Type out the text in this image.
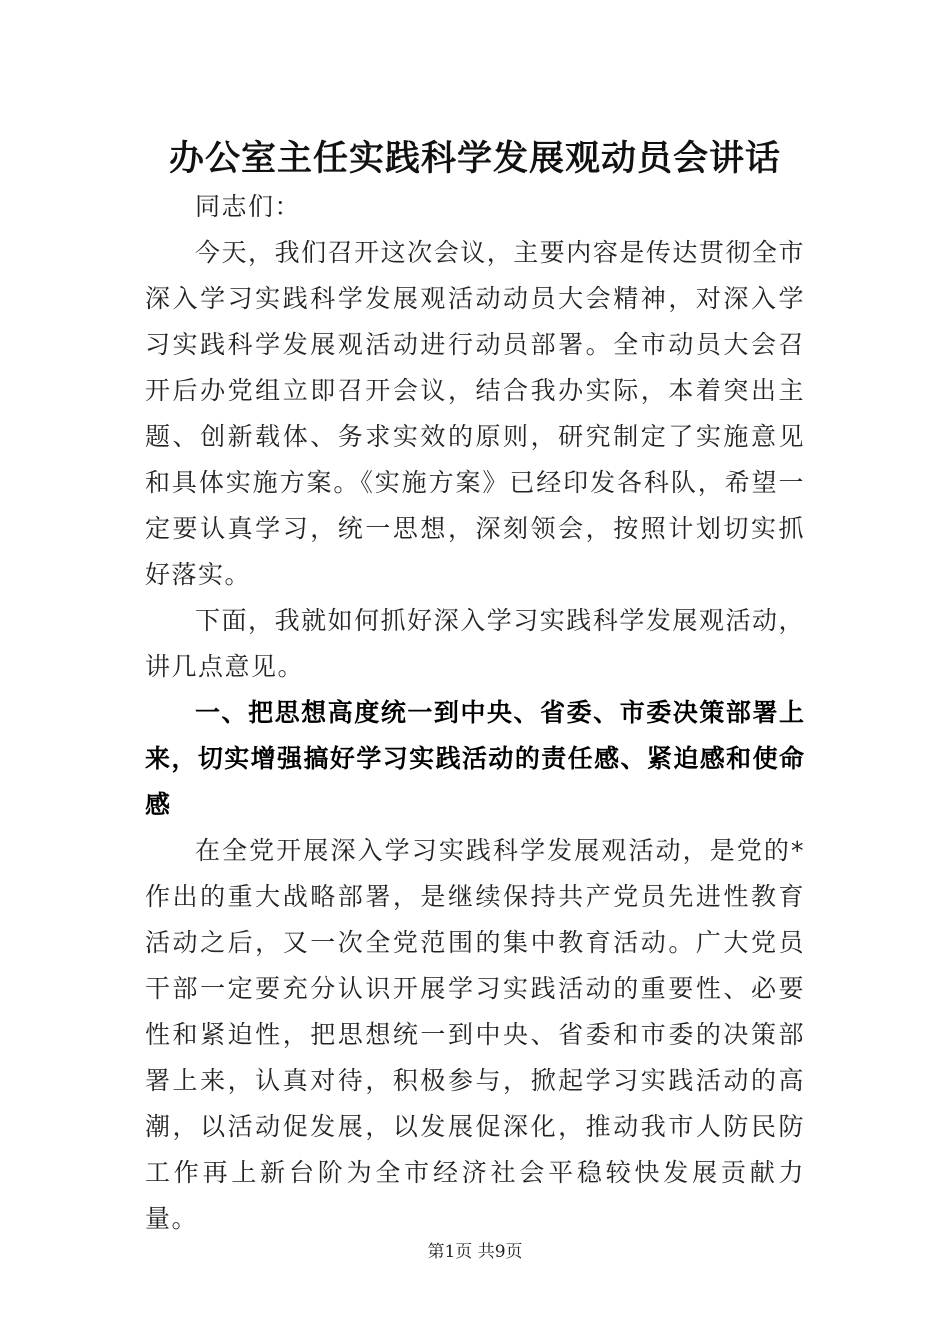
办公室主任实践科学发展观动员会讲话

同志们：

今天，我们召开这次会议，主要内容是传达贯彻全市深入学习实践科学发展观活动动员大会精神，对深入学习实践科学发展观活动进行动员部署。全市动员大会召开后办党组立即召开会议，结合我办实际，本着突出主题、创新载体、务求实效的原则，研究制定了实施意见和具体实施方案。《实施方案》已经印发各科队，希望一定要认真学习，统一思想，深刻领会，按照计划切实抓好落实。

下面，我就如何抓好深入学习实践科学发展观活动，讲几点意见。

一、把思想高度统一到中央、省委、市委决策部署上来，切实增强搞好学习实践活动的责任感、紧迫感和使命感

在全党开展深入学习实践科学发展观活动，是党的*作出的重大战略部署，是继续保持共产党员先进性教育活动之后，又一次全党范围的集中教育活动。广大党员干部一定要充分认识开展学习实践活动的重要性、必要性和紧迫性，把思想统一到中央、省委和市委的决策部署上来，认真对待，积极参与，掀起学习实践活动的高潮，以活动促发展，以发展促深化，推动我市人防民防工作再上新台阶为全市经济社会平稳较快发展贡献力量。

第1页 共9页
